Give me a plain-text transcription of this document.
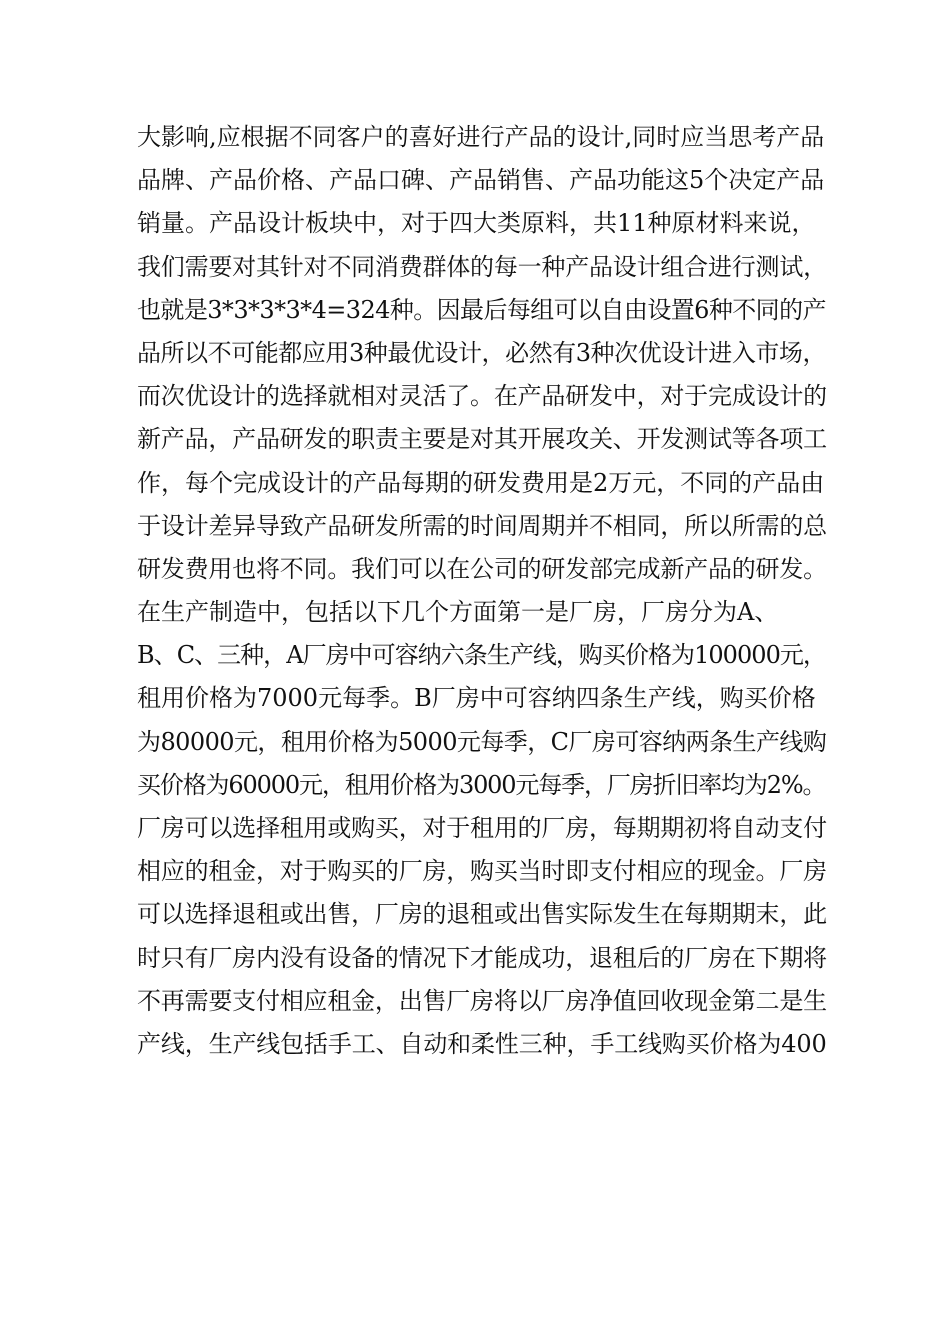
大影响,应根据不同客户的喜好进行产品的设计,同时应当思考产品
品牌、产品价格、产品口碑、产品销售、产品功能这5个决定产品
销量。产品设计板块中，对于四大类原料，共11种原材料来说，
我们需要对其针对不同消费群体的每一种产品设计组合进行测试，
也就是3*3*3*3*4=324种。因最后每组可以自由设置6种不同的产
品所以不可能都应用3种最优设计，必然有3种次优设计进入市场，
而次优设计的选择就相对灵活了。在产品研发中，对于完成设计的
新产品，产品研发的职责主要是对其开展攻关、开发测试等各项工
作，每个完成设计的产品每期的研发费用是2万元，不同的产品由
于设计差异导致产品研发所需的时间周期并不相同，所以所需的总
研发费用也将不同。我们可以在公司的研发部完成新产品的研发。
在生产制造中，包括以下几个方面第一是厂房，厂房分为A、
B、C、三种，A厂房中可容纳六条生产线，购买价格为100000元，
租用价格为7000元每季。B厂房中可容纳四条生产线，购买价格
为80000元，租用价格为5000元每季，C厂房可容纳两条生产线购
买价格为60000元，租用价格为3000元每季，厂房折旧率均为2%。
厂房可以选择租用或购买，对于租用的厂房，每期期初将自动支付
相应的租金，对于购买的厂房，购买当时即支付相应的现金。厂房
可以选择退租或出售，厂房的退租或出售实际发生在每期期末，此
时只有厂房内没有设备的情况下才能成功，退租后的厂房在下期将
不再需要支付相应租金，出售厂房将以厂房净值回收现金第二是生
产线，生产线包括手工、自动和柔性三种，手工线购买价格为400
